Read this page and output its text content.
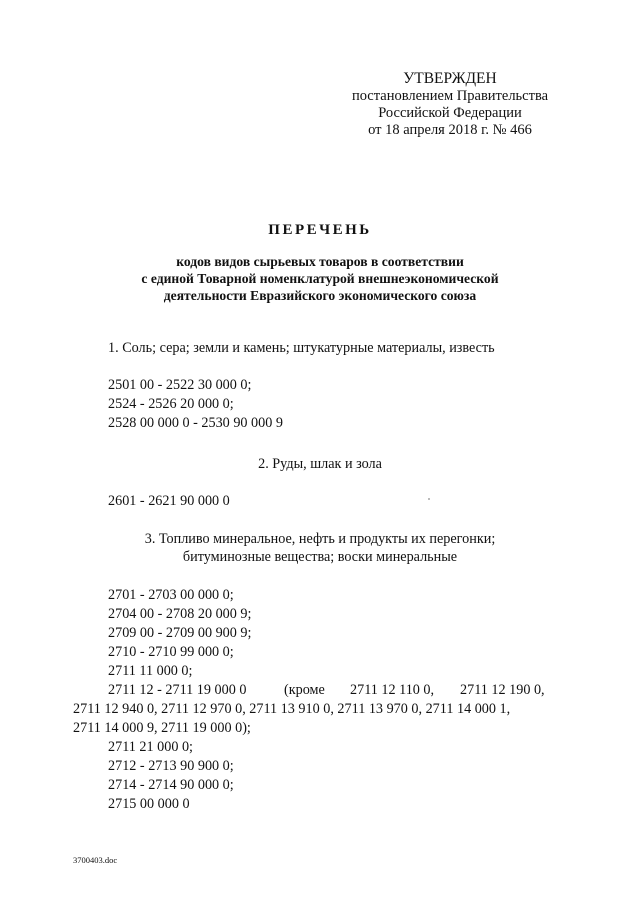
УТВЕРЖДЕН
постановлением Правительства
Российской Федерации
от 18 апреля 2018 г. № 466
ПЕРЕЧЕНЬ
кодов видов сырьевых товаров в соответствии
с единой Товарной номенклатурой внешнеэкономической
деятельности Евразийского экономического союза
1. Соль; сера; земли и камень; штукатурные материалы, известь
2501 00 - 2522 30 000 0;
2524 - 2526 20 000 0;
2528 00 000 0 - 2530 90 000 9
2. Руды, шлак и зола
2601 - 2621 90 000 0
3. Топливо минеральное, нефть и продукты их перегонки;
битуминозные вещества; воски минеральные
2701 - 2703 00 000 0;
2704 00 - 2708 20 000 9;
2709 00 - 2709 00 900 9;
2710 - 2710 99 000 0;
2711 11 000 0;
2711 12 - 2711 19 000 0	(кроме 2711 12 110 0, 2711 12 190 0,
2711 12 940 0, 2711 12 970 0, 2711 13 910 0, 2711 13 970 0, 2711 14 000 1,
2711 14 000 9, 2711 19 000 0);
2711 21 000 0;
2712 - 2713 90 900 0;
2714 - 2714 90 000 0;
2715 00 000 0
3700403.doc
